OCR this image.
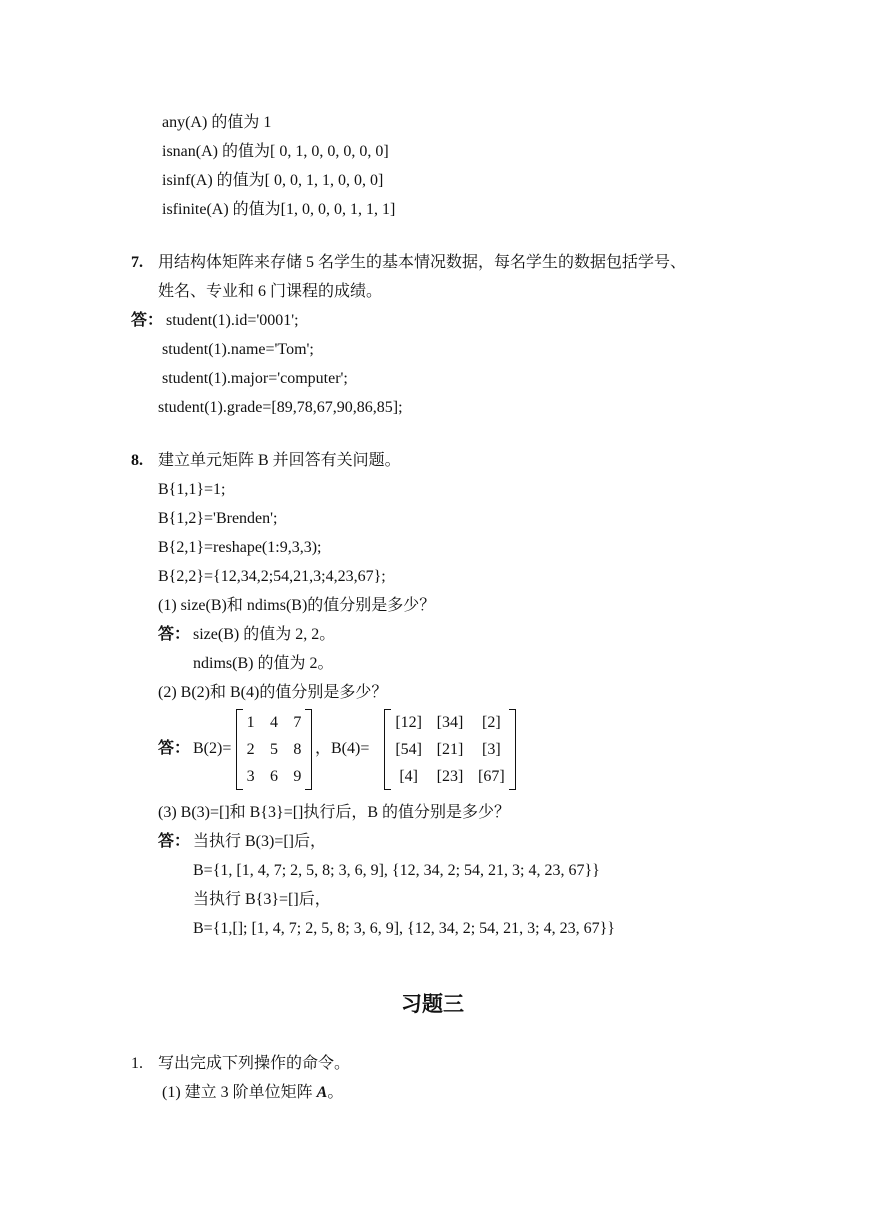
any(A) 的值为 1
isnan(A) 的值为[ 0, 1, 0, 0, 0, 0, 0]
isinf(A) 的值为[ 0, 0, 1, 1, 0, 0, 0]
isfinite(A) 的值为[1, 0, 0, 0, 1, 1, 1]
7. 用结构体矩阵来存储 5 名学生的基本情况数据，每名学生的数据包括学号、
姓名、专业和 6 门课程的成绩。
答： student(1).id='0001';
student(1).name='Tom';
student(1).major='computer';
student(1).grade=[89,78,67,90,86,85];
8. 建立单元矩阵 B 并回答有关问题。
B{1,1}=1;
B{1,2}='Brenden';
B{2,1}=reshape(1:9,3,3);
B{2,2}={12,34,2;54,21,3;4,23,67};
(1) size(B)和 ndims(B)的值分别是多少？
答： size(B) 的值为 2, 2。
ndims(B) 的值为 2。
(2) B(2)和 B(4)的值分别是多少？
答： B(2)=
1	4	7
2	5	8
3	6	9
，B(4)=
[12]	[34]	[2]
[54]	[21]	[3]
[4]	[23]	[67]
(3) B(3)=[]和 B{3}=[]执行后，B 的值分别是多少？
答： 当执行 B(3)=[]后，
B={1, [1, 4, 7; 2, 5, 8; 3, 6, 9], {12, 34, 2; 54, 21, 3; 4, 23, 67}}
当执行 B{3}=[]后，
B={1,[]; [1, 4, 7; 2, 5, 8; 3, 6, 9], {12, 34, 2; 54, 21, 3; 4, 23, 67}}
习题三
1. 写出完成下列操作的命令。
(1) 建立 3 阶单位矩阵 A。
